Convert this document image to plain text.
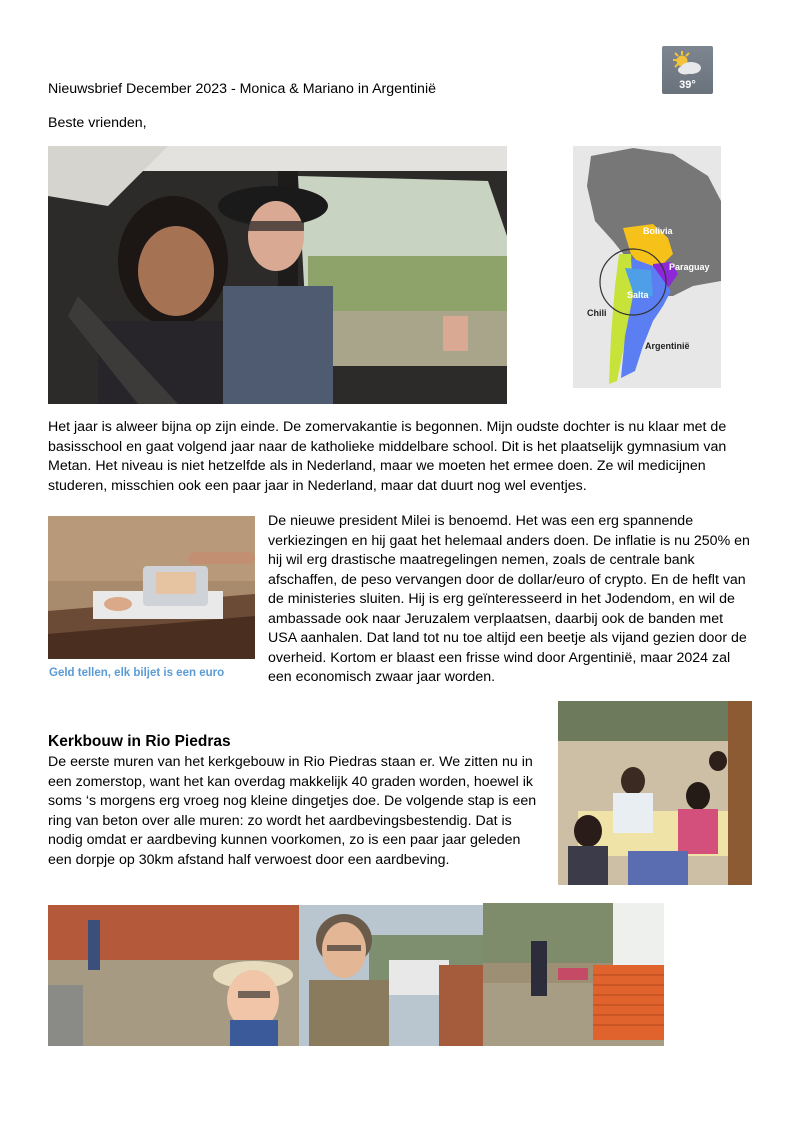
Nieuwsbrief December 2023 - Monica & Mariano in Argentinië
Beste vrienden,
39°
Bolivia
Paraguay
Salta
Chili
Argentinië
Het jaar is alweer bijna op zijn einde. De zomervakantie is begonnen. Mijn oudste dochter is nu klaar met de basisschool en gaat volgend jaar naar de katholieke middelbare school. Dit is het plaatselijk gymnasium van Metan. Het niveau is niet hetzelfde als in Nederland, maar we moeten het ermee doen. Ze wil medicijnen studeren, misschien ook een paar jaar in Nederland, maar dat duurt nog wel eventjes.
Geld tellen, elk biljet is een euro
De nieuwe president Milei is benoemd. Het was een erg spannende verkiezingen en hij gaat het helemaal anders doen. De inflatie is nu 250% en hij wil erg drastische maatregelingen nemen, zoals de centrale bank afschaffen, de peso vervangen door de dollar/euro of crypto. En de heflt van de ministeries sluiten. Hij is erg geïnteresseerd in het Jodendom, en wil de ambassade ook naar Jeruzalem verplaatsen, daarbij ook de banden met USA aanhalen. Dat land tot nu toe altijd een beetje als vijand gezien door de overheid. Kortom er blaast een frisse wind door Argentinië, maar 2024 zal een economisch zwaar jaar worden.
Kerkbouw in Rio Piedras
De eerste muren van het kerkgebouw in Rio Piedras staan er. We zitten nu in een zomerstop, want het kan overdag makkelijk 40 graden worden, hoewel ik soms ‘s morgens erg vroeg nog kleine dingetjes doe. De volgende stap is een ring van beton over alle muren: zo wordt het aardbevingsbestendig. Dat is nodig omdat er aardbeving kunnen voorkomen, zo is een paar jaar geleden een dorpje op 30km afstand half verwoest door een aardbeving.
